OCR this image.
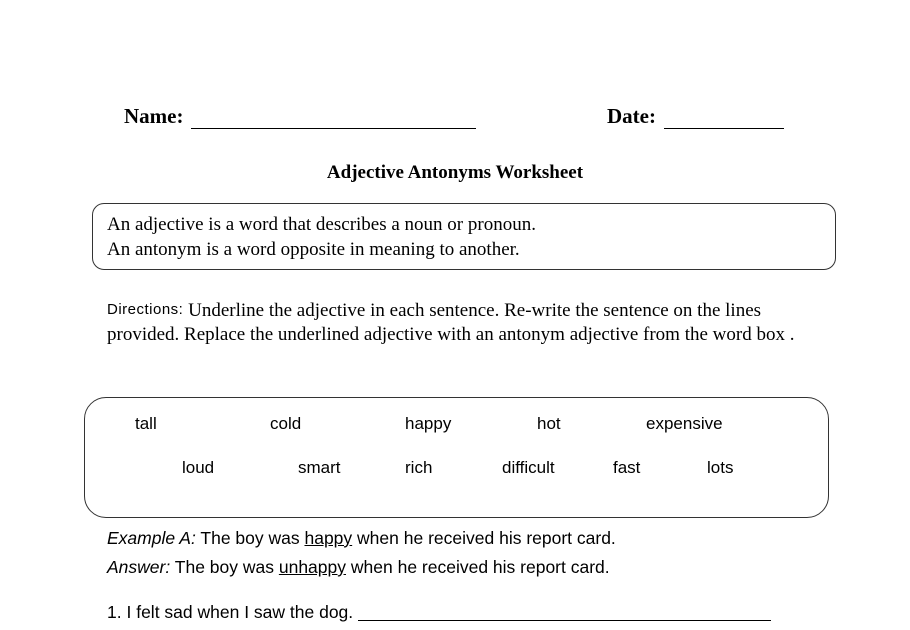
Name:	Date:
Adjective Antonyms Worksheet
An adjective is a word that describes a noun or pronoun.
An antonym is a word opposite in meaning to another.
Directions: Underline the adjective in each sentence. Re-write the sentence on the lines provided. Replace the underlined adjective with an antonym adjective from the word box .
tall	cold	happy	hot	expensive
loud	smart	rich	difficult	fast	lots
Example A: The boy was happy when he received his report card.
Answer: The boy was unhappy when he received his report card.
1. I felt sad when I saw the dog.
